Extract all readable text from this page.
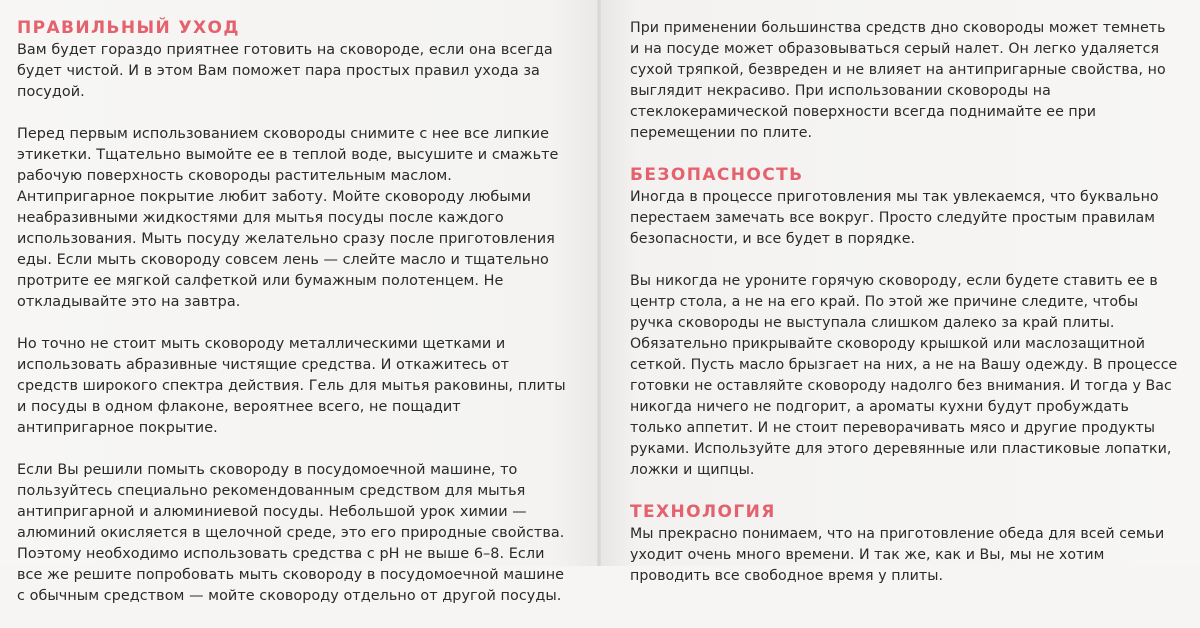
ПРАВИЛЬНЫЙ УХОД

Вам будет гораздо приятнее готовить на сковороде, если она всегда будет чистой. И в этом Вам поможет пара простых правил ухода за посудой.

Перед первым использованием сковороды снимите с нее все липкие этикетки. Тщательно вымойте ее в теплой воде, высушите и смажьте рабочую поверхность сковороды растительным маслом. Антипригарное покрытие любит заботу. Мойте сковороду любыми неабразивными жидкостями для мытья посуды после каждого использования. Мыть посуду желательно сразу после приготовления еды. Если мыть сковороду совсем лень — слейте масло и тщательно протрите ее мягкой салфеткой или бумажным полотенцем. Не откладывайте это на завтра.

Но точно не стоит мыть сковороду металлическими щетками и использовать абразивные чистящие средства. И откажитесь от средств широкого спектра действия. Гель для мытья раковины, плиты и посуды в одном флаконе, вероятнее всего, не пощадит антипригарное покрытие.

Если Вы решили помыть сковороду в посудомоечной машине, то пользуйтесь специально рекомендованным средством для мытья антипригарной и алюминиевой посуды. Небольшой урок химии — алюминий окисляется в щелочной среде, это его природные свойства. Поэтому необходимо использовать средства с pH не выше 6–8. Если все же решите попробовать мыть сковороду в посудомоечной машине с обычным средством — мойте сковороду отдельно от другой посуды.

При применении большинства средств дно сковороды может темнеть и на посуде может образовываться серый налет. Он легко удаляется сухой тряпкой, безвреден и не влияет на антипригарные свойства, но выглядит некрасиво. При использовании сковороды на стеклокерамической поверхности всегда поднимайте ее при перемещении по плите.

БЕЗОПАСНОСТЬ

Иногда в процессе приготовления мы так увлекаемся, что буквально перестаем замечать все вокруг. Просто следуйте простым правилам безопасности, и все будет в порядке.

Вы никогда не уроните горячую сковороду, если будете ставить ее в центр стола, а не на его край. По этой же причине следите, чтобы ручка сковороды не выступала слишком далеко за край плиты. Обязательно прикрывайте сковороду крышкой или маслозащитной сеткой. Пусть масло брызгает на них, а не на Вашу одежду. В процессе готовки не оставляйте сковороду надолго без внимания. И тогда у Вас никогда ничего не подгорит, а ароматы кухни будут пробуждать только аппетит. И не стоит переворачивать мясо и другие продукты руками. Используйте для этого деревянные или пластиковые лопатки, ложки и щипцы.

ТЕХНОЛОГИЯ

Мы прекрасно понимаем, что на приготовление обеда для всей семьи уходит очень много времени. И так же, как и Вы, мы не хотим проводить все свободное время у плиты.
